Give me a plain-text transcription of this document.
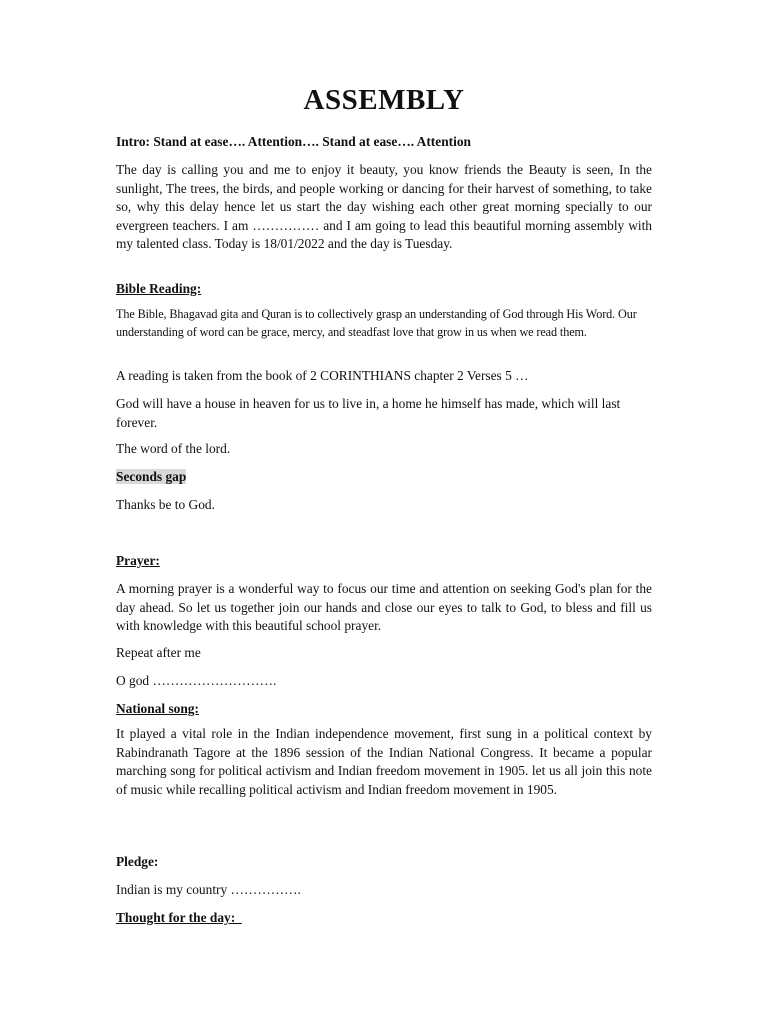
ASSEMBLY

Intro: Stand at ease…. Attention…. Stand at ease…. Attention

The day is calling you and me to enjoy it beauty, you know friends the Beauty is seen, In the sunlight, The trees, the birds, and people working or dancing for their harvest of something, to take so, why this delay hence let us start the day wishing each other great morning specially to our evergreen teachers. I am …………… and I am going to lead this beautiful morning assembly with my talented class. Today is 18/01/2022 and the day is Tuesday.

Bible Reading:

The Bible, Bhagavad gita and Quran is to collectively grasp an understanding of God through His Word. Our understanding of word can be grace, mercy, and steadfast love that grow in us when we read them.

A reading is taken from the book of 2 CORINTHIANS chapter 2 Verses 5 …

God will have a house in heaven for us to live in, a home he himself has made, which will last forever.

The word of the lord.

Seconds gap

Thanks be to God.

Prayer:

A morning prayer is a wonderful way to focus our time and attention on seeking God's plan for the day ahead. So let us together join our hands and close our eyes to talk to God, to bless and fill us with knowledge with this beautiful school prayer.

Repeat after me

O god ……………………….

National song:

It played a vital role in the Indian independence movement, first sung in a political context by Rabindranath Tagore at the 1896 session of the Indian National Congress. It became a popular marching song for political activism and Indian freedom movement in 1905. let us all join this note of music while recalling political activism and Indian freedom movement in 1905.

Pledge:

Indian is my country …………….

Thought for the day:
